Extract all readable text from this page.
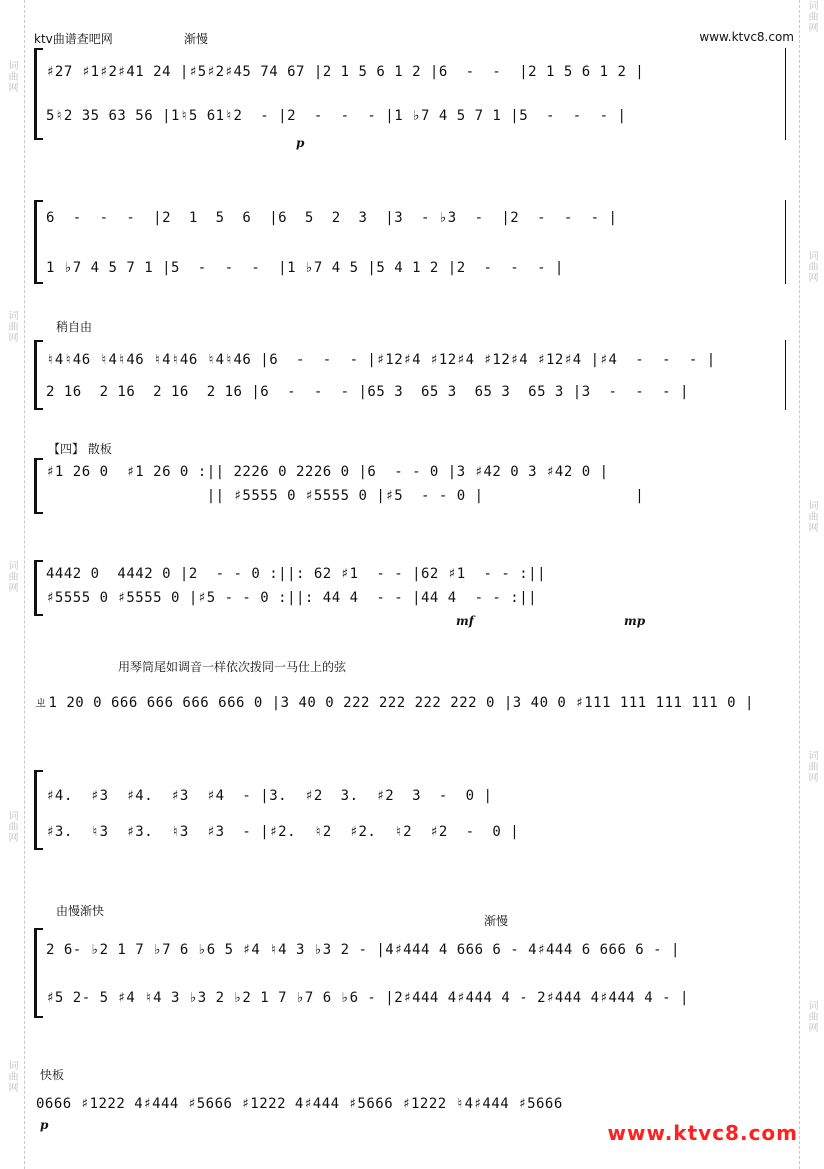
词曲网
词曲网
词曲网
词曲网
词曲网
词曲网
词曲网
词曲网
词曲网
词曲网
ktv曲谱查吧网	渐慢	www.ktvc8.com
♯27 ♯1♯2♯41 24 |♯5♯2♯45 74 67 |2 1 5 6 1 2 |6  -  -  |2 1 5 6 1 2 |
5♮2 35 63 56 |1♮5 61♮2  - |2  -  -  - |1 ♭7 4 5 7 1 |5  -  -  - |
p
6  -  -  -  |2  1  5  6  |6  5  2  3  |3  - ♭3  -  |2  -  -  - |
1 ♭7 4 5 7 1 |5  -  -  -  |1 ♭7 4 5 |5 4 1 2 |2  -  -  - |
稍自由
♮4♮46 ♮4♮46 ♮4♮46 ♮4♮46 |6  -  -  - |♯12♯4 ♯12♯4 ♯12♯4 ♯12♯4 |♯4  -  -  - |
2 16  2 16  2 16  2 16 |6  -  -  - |65 3  65 3  65 3  65 3 |3  -  -  - |
【四】 散板
♯1 26 0  ♯1 26 0 :|| 2226 0 2226 0 |6  - - 0 |3 ♯42 0 3 ♯42 0 |
|| ♯5555 0 ♯5555 0 |♯5  - - 0 |                 |
4442 0  4442 0 |2  - - 0 :||: 62 ♯1  - - |62 ♯1  - - :||
♯5555 0 ♯5555 0 |♯5 - - 0 :||: 44 4  - - |44 4  - - :||
mf	mp
用琴筒尾如调音一样依次拨同一马仕上的弦
ㄓ1 20 0 666 666 666 666 0 |3 40 0 222 222 222 222 0 |3 40 0 ♯111 111 111 111 0 |
♯4.  ♯3  ♯4.  ♯3  ♯4  - |3.  ♯2  3.  ♯2  3  -  0 |
♯3.  ♮3  ♯3.  ♮3  ♯3  - |♯2.  ♮2  ♯2.  ♮2  ♯2  -  0 |
由慢渐快
渐慢
2 6- ♭2 1 7 ♭7 6 ♭6 5 ♯4 ♮4 3 ♭3 2 - |4♯444 4 666 6 - 4♯444 6 666 6 - |
♯5 2- 5 ♯4 ♮4 3 ♭3 2 ♭2 1 7 ♭7 6 ♭6 - |2♯444 4♯444 4 - 2♯444 4♯444 4 - |
快板
0666 ♯1222 4♯444 ♯5666 ♯1222 4♯444 ♯5666 ♯1222 ♮4♯444 ♯5666
p	www.ktvc8.com
